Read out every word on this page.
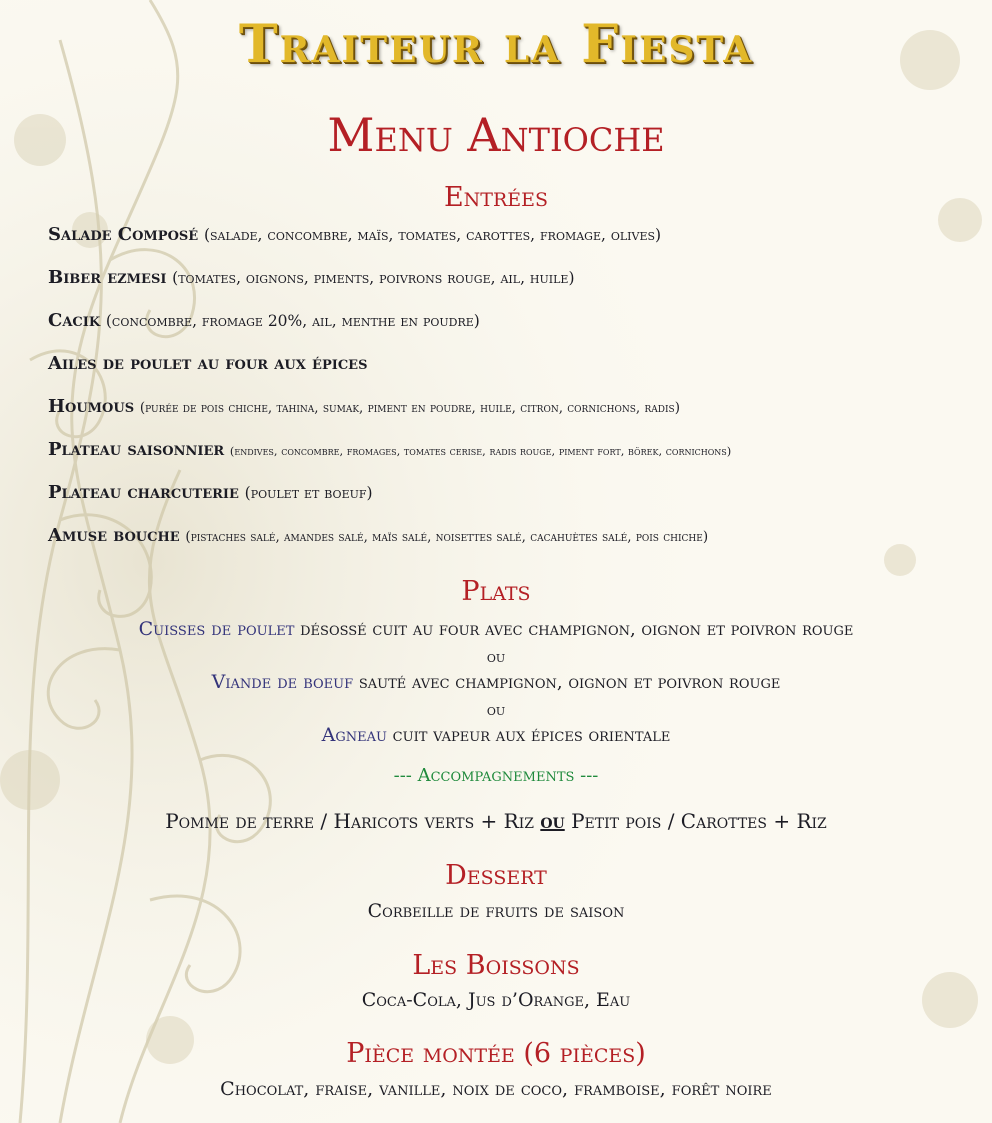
Traiteur la Fiesta
Menu Antioche
Entrées
Salade Composé (salade, concombre, maïs, tomates, carottes, fromage, olives)
Biber ezmesi (tomates, oignons, piments, poivrons rouge, ail, huile)
Cacik (concombre, fromage 20%, ail, menthe en poudre)
Ailes de poulet au four aux épices
Houmous (purée de pois chiche, tahina, sumak, piment en poudre, huile, citron, cornichons, radis)
Plateau saisonnier (endives, concombre, fromages, tomates cerise, radis rouge, piment fort, börek, cornichons)
Plateau charcuterie (poulet et boeuf)
Amuse bouche (pistaches salé, amandes salé, maïs salé, noisettes salé, cacahuètes salé, pois chiche)
Plats
Cuisses de poulet désossé cuit au four avec champignon, oignon et poivron rouge
ou
Viande de boeuf sauté avec champignon, oignon et poivron rouge
ou
Agneau cuit vapeur aux épices orientale
--- Accompagnements ---
Pomme de terre / Haricots verts + Riz ou Petit pois / Carottes + Riz
Dessert
Corbeille de fruits de saison
Les Boissons
Coca-Cola, Jus d’Orange, Eau
Pièce montée (6 pièces)
Chocolat, fraise, vanille, noix de coco, framboise, forêt noire
